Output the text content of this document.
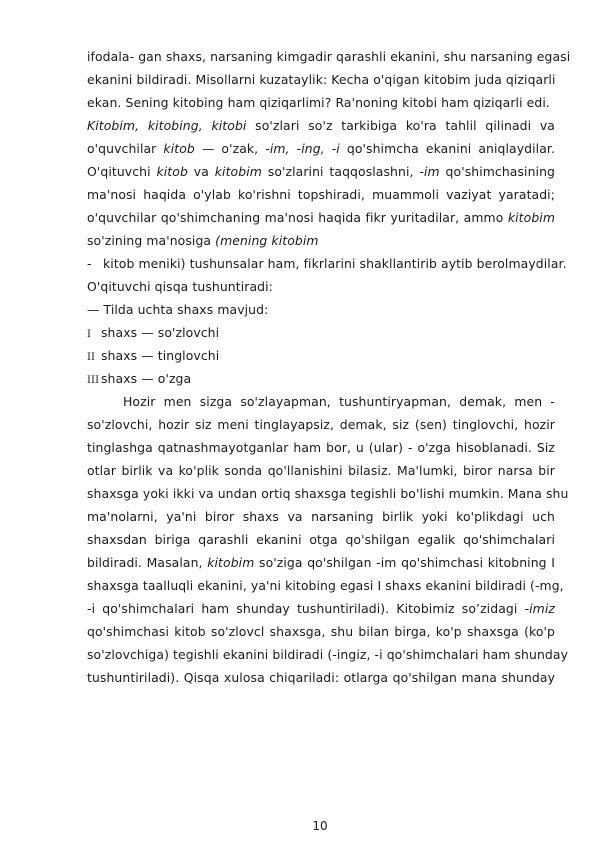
ifodala- gan shaxs, narsaning kimgadir qarashli ekanini, shu narsaning egasi
ekanini bildiradi. Misollarni kuzataylik: Kecha o'qigan kitobim juda qiziqarli
ekan. Sening kitobing ham qiziqarlimi? Ra'noning kitobi ham qiziqarli edi.
Kitobim, kitobing, kitobi so'zlari so'z tarkibiga ko'ra tahlil qilinadi va
o'quvchilar kitob — o'zak, -im, -ing, -i qo'shimcha ekanini aniqlaydilar.
O'qituvchi kitob va kitobim so'zlarini taqqoslashni, -im qo'shimchasining
ma'nosi haqida o'ylab ko'rishni topshiradi, muammoli vaziyat yaratadi;
o'quvchilar qo'shimchaning ma'nosi haqida fikr yuritadilar, ammo kitobim
so'zining ma'nosiga (mening kitobim
- kitob meniki) tushunsalar ham, fikrlarini shakllantirib aytib berolmaydilar.
O'qituvchi qisqa tushuntiradi:
— Tilda uchta shaxs mavjud:
I shaxs — so'zlovchi
II shaxs — tinglovchi
III shaxs — o'zga
Hozir men sizga so'zlayapman, tushuntiryapman, demak, men -
so'zlovchi, hozir siz meni tinglayapsiz, demak, siz (sen) tinglovchi, hozir
tinglashga qatnashmayotganlar ham bor, u (ular) - o'zga hisoblanadi. Siz
otlar birlik va ko'plik sonda qo'llanishini bilasiz. Ma'lumki, biror narsa bir
shaxsga yoki ikki va undan ortiq shaxsga tegishli bo'lishi mumkin. Mana shu
ma'nolarni, ya'ni biror shaxs va narsaning birlik yoki ko'plikdagi uch
shaxsdan biriga qarashli ekanini otga qo'shilgan egalik qo'shimchalari
bildiradi. Masalan, kitobim so'ziga qo'shilgan -im qo'shimchasi kitobning I
shaxsga taalluqli ekanini, ya'ni kitobing egasi I shaxs ekanini bildiradi (-mg,
-i qo'shimchalari ham shunday tushuntiriladi). Kitobimiz so’zidagi -imiz
qo'shimchasi kitob so'zlovcl shaxsga, shu bilan birga, ko'p shaxsga (ko'p
so'zlovchiga) tegishli ekanini bildiradi (-ingiz, -i qo'shimchalari ham shunday
tushuntiriladi). Qisqa xulosa chiqariladi: otlarga qo'shilgan mana shunday
10
